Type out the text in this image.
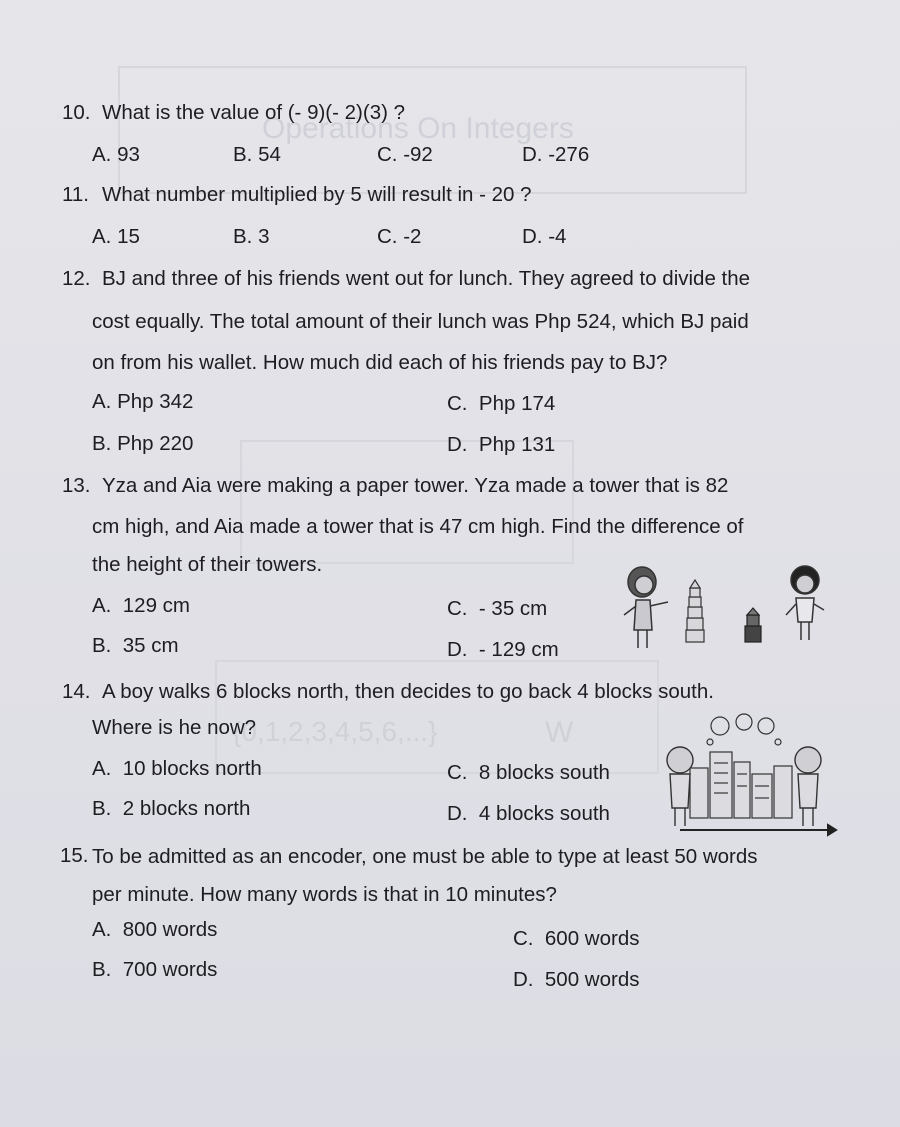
Operations On Integers
{0,1,2,3,4,5,6,...}	W
10. What is the value of (- 9)(- 2)(3) ?
A. 93	B. 54	C. -92	D. -276
11. What number multiplied by 5 will result in - 20 ?
A. 15	B. 3	C. -2	D. -4
12. BJ and three of his friends went out for lunch. They agreed to divide the
cost equally. The total amount of their lunch was Php 524, which BJ paid
on from his wallet. How much did each of his friends pay to BJ?
A. Php 342
B. Php 220
C. Php 174
D. Php 131
13. Yza and Aia were making a paper tower. Yza made a tower that is 82
cm high, and Aia made a tower that is 47 cm high. Find the difference of
the height of their towers.
A. 129 cm
B. 35 cm
C. - 35 cm
D. - 129 cm
14. A boy walks 6 blocks north, then decides to go back 4 blocks south.
Where is he now?
A. 10 blocks north
B. 2 blocks north
C. 8 blocks south
D. 4 blocks south
15. To be admitted as an encoder, one must be able to type at least 50 words
per minute. How many words is that in 10 minutes?
A. 800 words
B. 700 words
C. 600 words
D. 500 words
